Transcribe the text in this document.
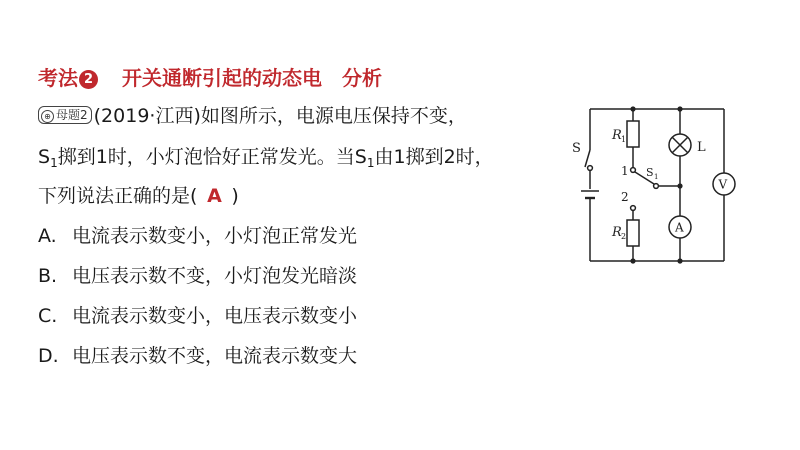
考法 2 开关通断引起的动态电 分析
⊕ 母题2 (2019·江西)如图所示，电源电压保持不变，
$S_1$掷到1时，小灯泡恰好正常发光。当$S_1$由1掷到2时，
下列说法正确的是( A )
A. 电流表示数变小，小灯泡正常发光
B. 电压表示数不变，小灯泡发光暗淡
C. 电流表示数变小，电压表示数变小
D. 电压表示数不变，电流表示数变大
S
R 1
R 2
L
1
2
S 1
V
A
